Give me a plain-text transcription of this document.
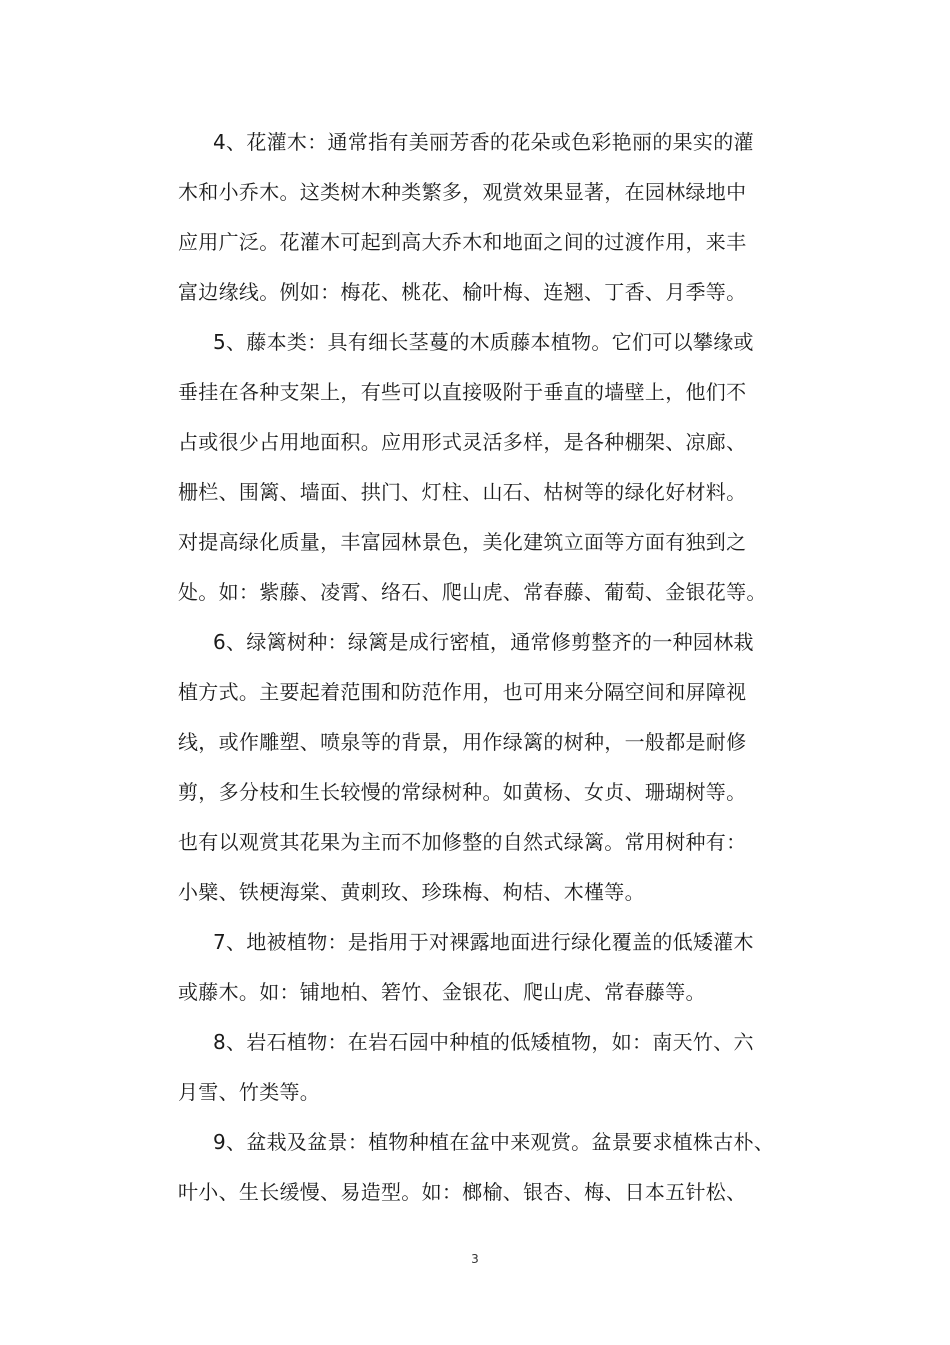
4、花灌木：通常指有美丽芳香的花朵或色彩艳丽的果实的灌
木和小乔木。这类树木种类繁多，观赏效果显著，在园林绿地中
应用广泛。花灌木可起到高大乔木和地面之间的过渡作用，来丰
富边缘线。例如：梅花、桃花、榆叶梅、连翘、丁香、月季等。
5、藤本类：具有细长茎蔓的木质藤本植物。它们可以攀缘或
垂挂在各种支架上，有些可以直接吸附于垂直的墙壁上，他们不
占或很少占用地面积。应用形式灵活多样，是各种棚架、凉廊、
栅栏、围篱、墙面、拱门、灯柱、山石、枯树等的绿化好材料。
对提高绿化质量，丰富园林景色，美化建筑立面等方面有独到之
处。如：紫藤、凌霄、络石、爬山虎、常春藤、葡萄、金银花等。
6、绿篱树种：绿篱是成行密植，通常修剪整齐的一种园林栽
植方式。主要起着范围和防范作用，也可用来分隔空间和屏障视
线，或作雕塑、喷泉等的背景，用作绿篱的树种，一般都是耐修
剪，多分枝和生长较慢的常绿树种。如黄杨、女贞、珊瑚树等。
也有以观赏其花果为主而不加修整的自然式绿篱。常用树种有：
小檗、铁梗海棠、黄刺玫、珍珠梅、枸桔、木槿等。
7、地被植物：是指用于对裸露地面进行绿化覆盖的低矮灌木
或藤木。如：铺地柏、箬竹、金银花、爬山虎、常春藤等。
8、岩石植物：在岩石园中种植的低矮植物，如：南天竹、六
月雪、竹类等。
9、盆栽及盆景：植物种植在盆中来观赏。盆景要求植株古朴、
叶小、生长缓慢、易造型。如：榔榆、银杏、梅、日本五针松、
3
